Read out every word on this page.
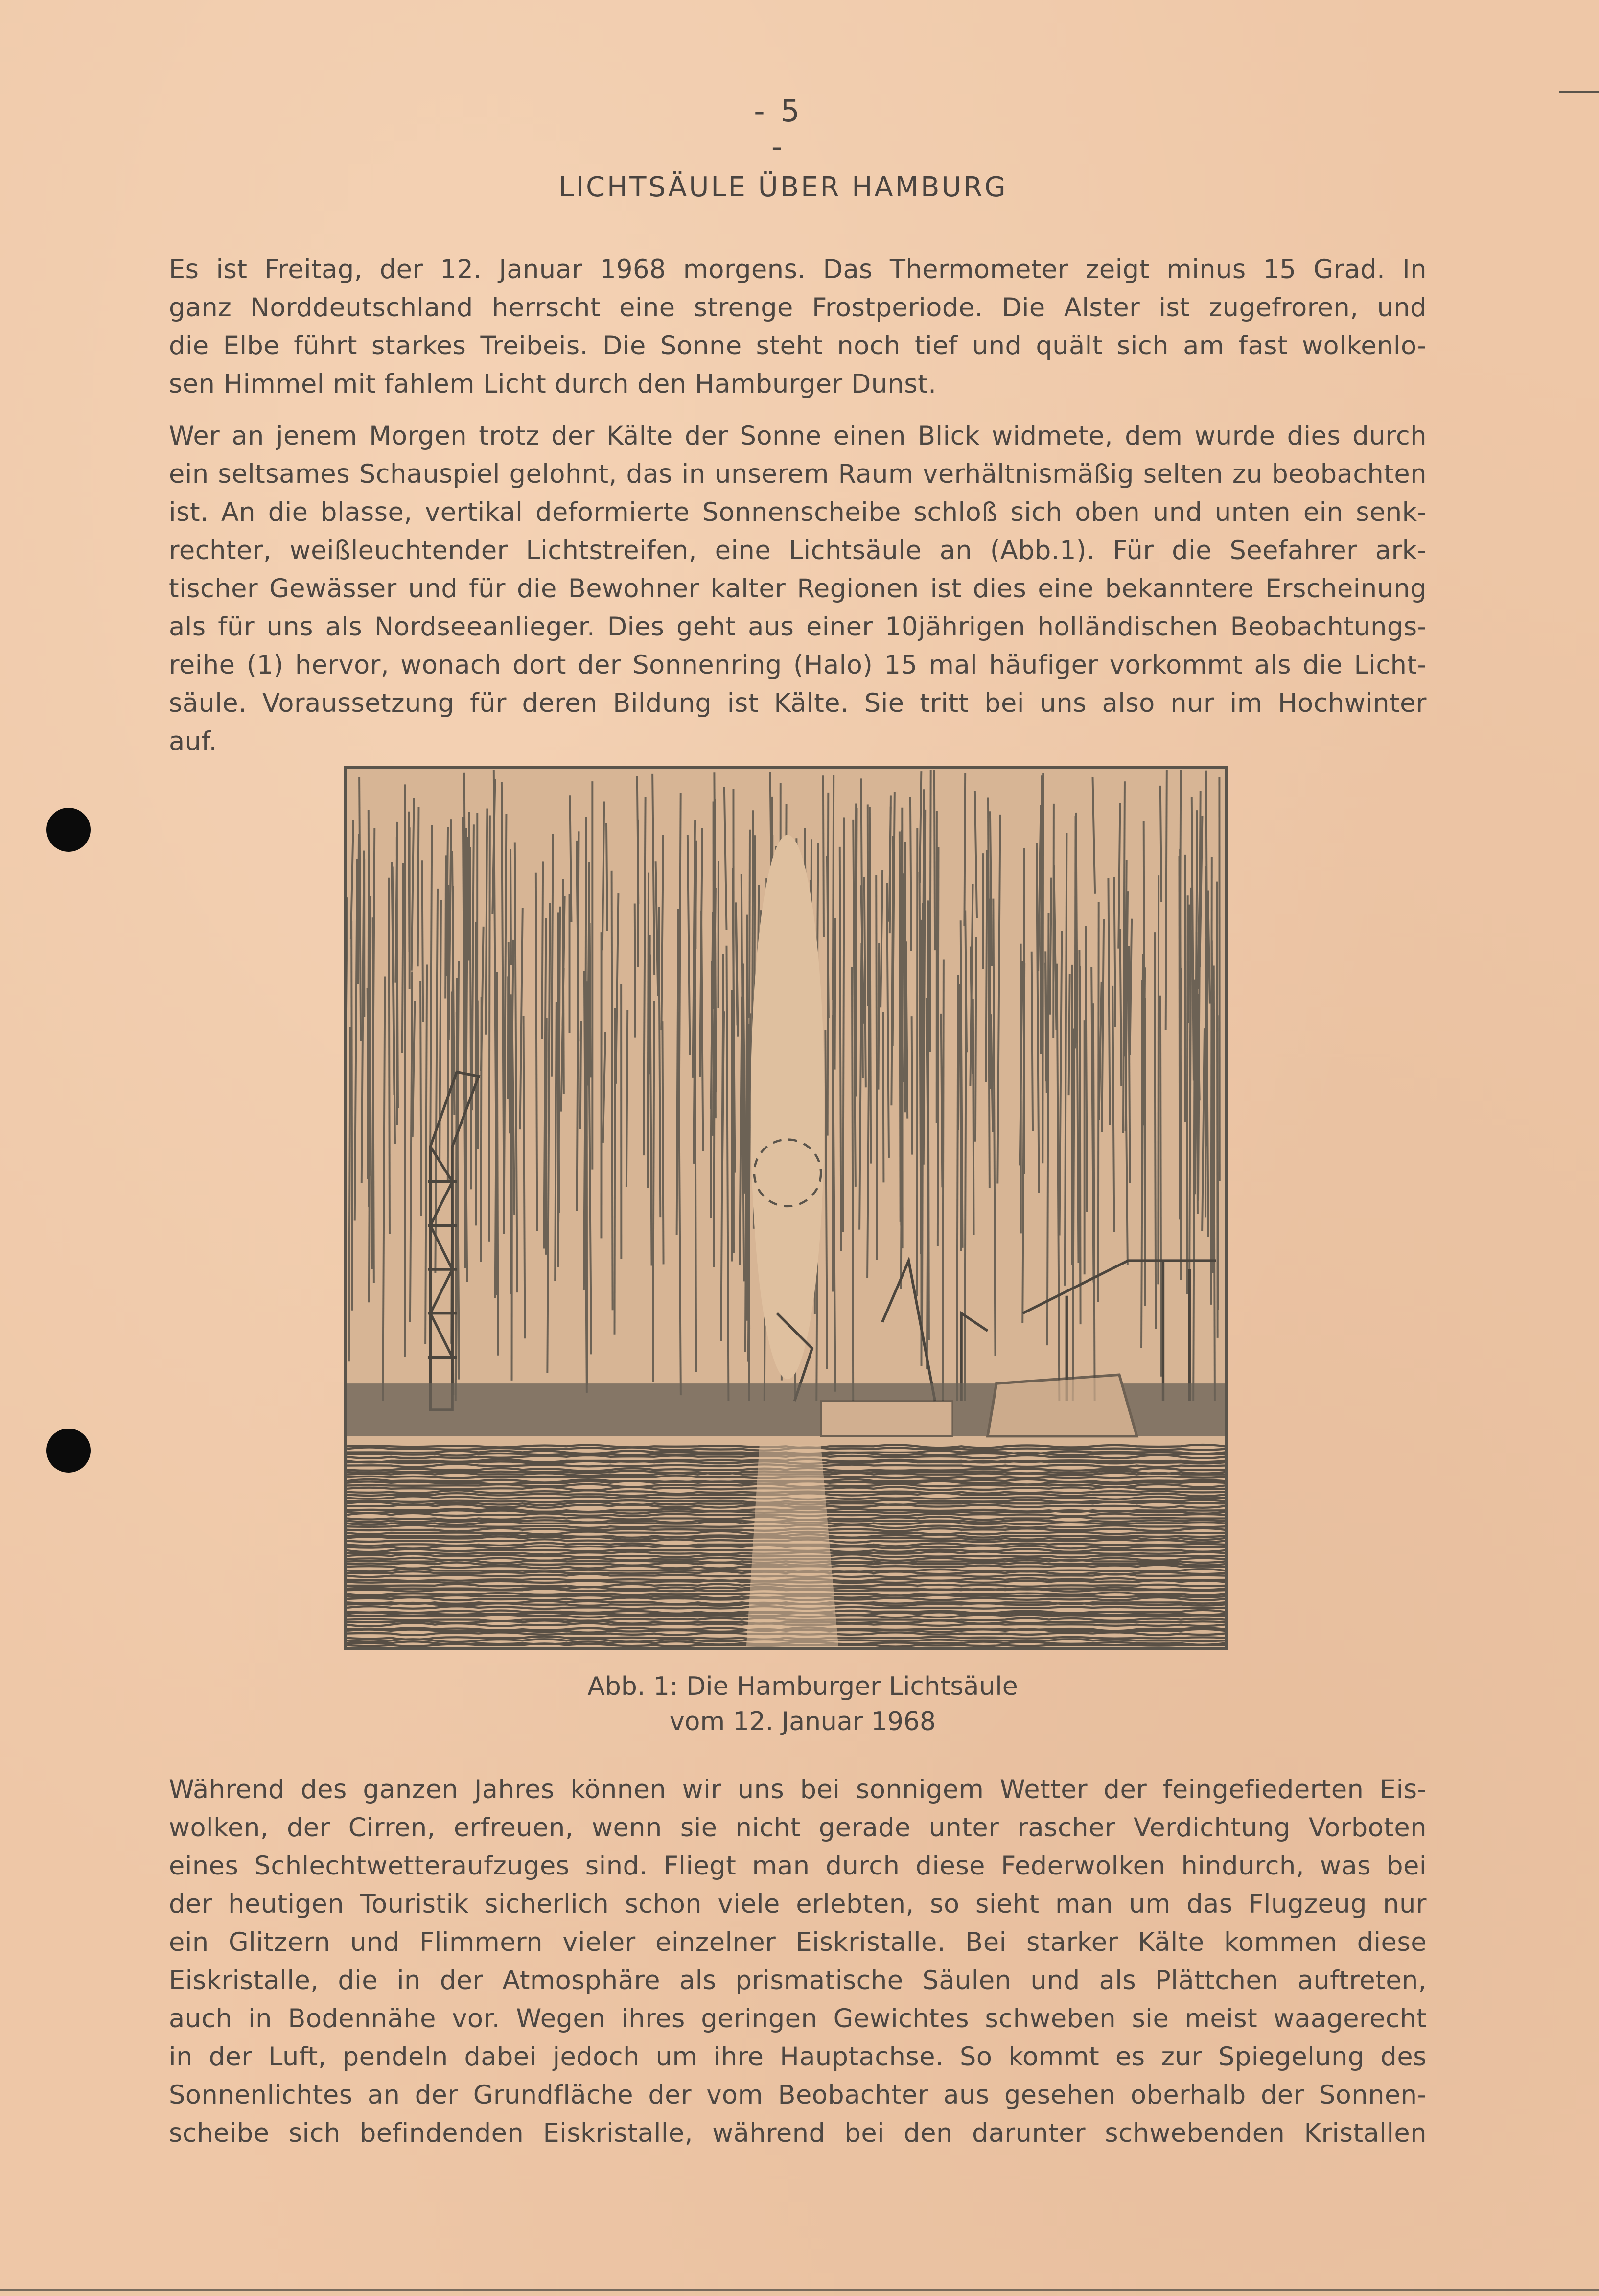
- 5 -
LICHTSÄULE ÜBER HAMBURG
Es ist Freitag, der 12. Januar 1968 morgens. Das Thermometer zeigt minus 15 Grad. In
ganz Norddeutschland herrscht eine strenge Frostperiode. Die Alster ist zugefroren, und
die Elbe führt starkes Treibeis. Die Sonne steht noch tief und quält sich am fast wolkenlo-
sen Himmel mit fahlem Licht durch den Hamburger Dunst.
Wer an jenem Morgen trotz der Kälte der Sonne einen Blick widmete, dem wurde dies durch
ein seltsames Schauspiel gelohnt, das in unserem Raum verhältnismäßig selten zu beobachten
ist. An die blasse, vertikal deformierte Sonnenscheibe schloß sich oben und unten ein senk-
rechter, weißleuchtender Lichtstreifen, eine Lichtsäule an (Abb.1). Für die Seefahrer ark-
tischer Gewässer und für die Bewohner kalter Regionen ist dies eine bekanntere Erscheinung
als für uns als Nordseeanlieger. Dies geht aus einer 10jährigen holländischen Beobachtungs-
reihe (1) hervor, wonach dort der Sonnenring (Halo) 15 mal häufiger vorkommt als die Licht-
säule. Voraussetzung für deren Bildung ist Kälte. Sie tritt bei uns also nur im Hochwinter
auf.
Abb. 1: Die Hamburger Lichtsäule
vom 12. Januar 1968
Während des ganzen Jahres können wir uns bei sonnigem Wetter der feingefiederten Eis-
wolken, der Cirren, erfreuen, wenn sie nicht gerade unter rascher Verdichtung Vorboten
eines Schlechtwetteraufzuges sind. Fliegt man durch diese Federwolken hindurch, was bei
der heutigen Touristik sicherlich schon viele erlebten, so sieht man um das Flugzeug nur
ein Glitzern und Flimmern vieler einzelner Eiskristalle. Bei starker Kälte kommen diese
Eiskristalle, die in der Atmosphäre als prismatische Säulen und als Plättchen auftreten,
auch in Bodennähe vor. Wegen ihres geringen Gewichtes schweben sie meist waagerecht
in der Luft, pendeln dabei jedoch um ihre Hauptachse. So kommt es zur Spiegelung des
Sonnenlichtes an der Grundfläche der vom Beobachter aus gesehen oberhalb der Sonnen-
scheibe sich befindenden Eiskristalle, während bei den darunter schwebenden Kristallen
